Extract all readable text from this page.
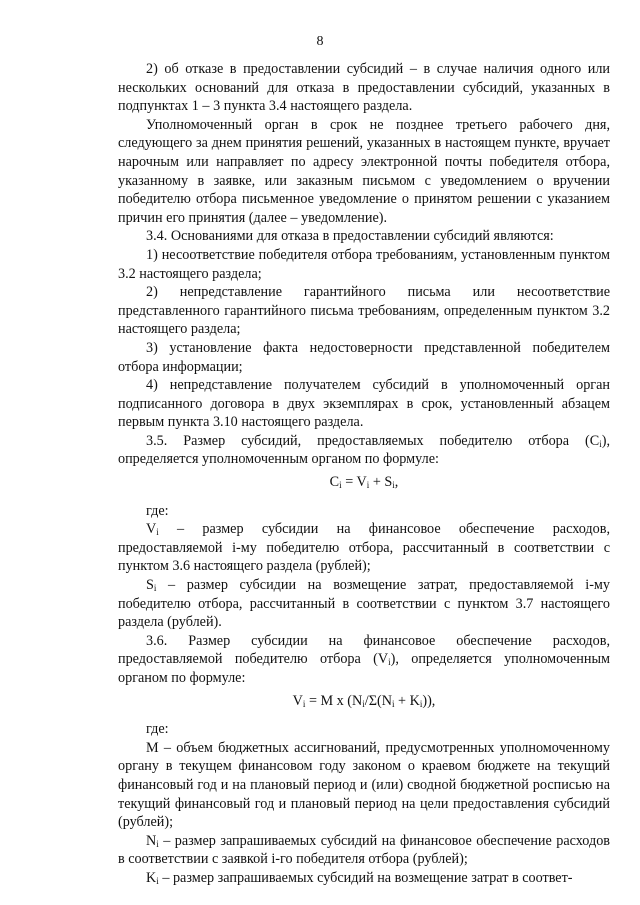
8

2) об отказе в предоставлении субсидий – в случае наличия одного или нескольких оснований для отказа в предоставлении субсидий, указанных в подпунктах 1 – 3 пункта 3.4 настоящего раздела.

Уполномоченный орган в срок не позднее третьего рабочего дня, следующего за днем принятия решений, указанных в настоящем пункте, вручает нарочным или направляет по адресу электронной почты победителя отбора, указанному в заявке, или заказным письмом с уведомлением о вручении победителю отбора письменное уведомление о принятом решении с указанием причин его принятия (далее – уведомление).

3.4. Основаниями для отказа в предоставлении субсидий являются:

1) несоответствие победителя отбора требованиям, установленным пунктом 3.2 настоящего раздела;

2) непредставление гарантийного письма или несоответствие представленного гарантийного письма требованиям, определенным пунктом 3.2 настоящего раздела;

3) установление факта недостоверности представленной победителем отбора информации;

4) непредставление получателем субсидий в уполномоченный орган подписанного договора в двух экземплярах в срок, установленный абзацем первым пункта 3.10 настоящего раздела.

3.5. Размер субсидий, предоставляемых победителю отбора $(C_i)$, определяется уполномоченным органом по формуле:

$C_i = V_i + S_i$,

где:

$V_i$ – размер субсидии на финансовое обеспечение расходов, предоставляемой i-му победителю отбора, рассчитанный в соответствии с пунктом 3.6 настоящего раздела (рублей);

$S_i$ – размер субсидии на возмещение затрат, предоставляемой i-му победителю отбора, рассчитанный в соответствии с пунктом 3.7 настоящего раздела (рублей).

3.6. Размер субсидии на финансовое обеспечение расходов, предоставляемой победителю отбора $(V_i)$, определяется уполномоченным органом по формуле:

$V_i = M$ x $(N_i/\Sigma(N_i + K_i))$,

где:

M – объем бюджетных ассигнований, предусмотренных уполномоченному органу в текущем финансовом году законом о краевом бюджете на текущий финансовый год и на плановый период и (или) сводной бюджетной росписью на текущий финансовый год и плановый период на цели предоставления субсидий (рублей);

$N_i$ – размер запрашиваемых субсидий на финансовое обеспечение расходов в соответствии с заявкой i-го победителя отбора (рублей);

$K_i$ – размер запрашиваемых субсидий на возмещение затрат в соответ-
